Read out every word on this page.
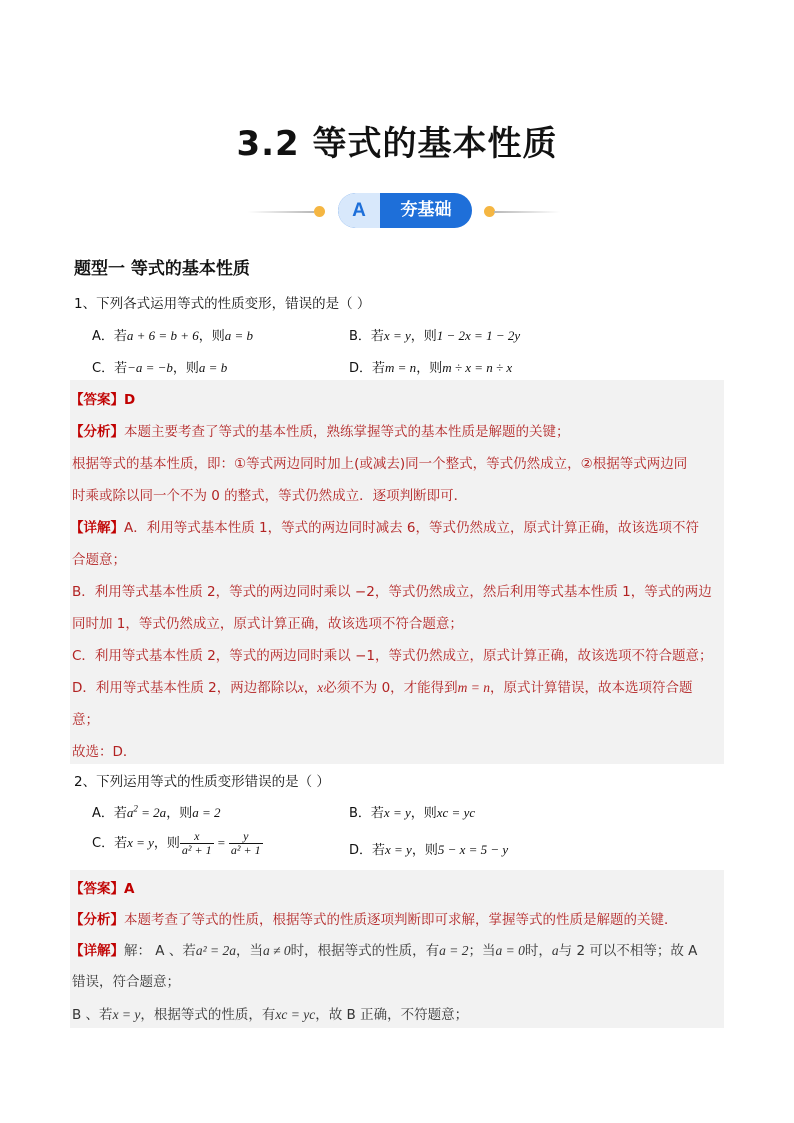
3.2 等式的基本性质
A	夯基础
题型一 等式的基本性质
1、下列各式运用等式的性质变形，错误的是（ ）
A．若a + 6 = b + 6，则a = b	B．若x = y，则1 − 2x = 1 − 2y
C．若−a = −b，则a = b	D．若m = n，则m ÷ x = n ÷ x
【答案】D
【分析】本题主要考查了等式的基本性质，熟练掌握等式的基本性质是解题的关键；
根据等式的基本性质，即：①等式两边同时加上(或减去)同一个整式，等式仍然成立，②根据等式两边同
时乘或除以同一个不为 0 的整式，等式仍然成立．逐项判断即可．
【详解】A．利用等式基本性质 1，等式的两边同时减去 6，等式仍然成立，原式计算正确，故该选项不符
合题意；
B．利用等式基本性质 2，等式的两边同时乘以 −2，等式仍然成立，然后利用等式基本性质 1，等式的两边
同时加 1，等式仍然成立，原式计算正确，故该选项不符合题意；
C．利用等式基本性质 2，等式的两边同时乘以 −1，等式仍然成立，原式计算正确，故该选项不符合题意；
D．利用等式基本性质 2，两边都除以x，x必须不为 0，才能得到m = n，原式计算错误，故本选项符合题
意；
故选：D．
2、下列运用等式的性质变形错误的是（ ）
A．若$a^2 = 2a$，则a = 2	B．若x = y，则xc = yc
C．若x = y，则 $\frac{x}{\text{a² + 1}} = \frac{y}{\text{a² + 1}}$	D．若x = y，则5 − x = 5 − y
【答案】A
【分析】本题考查了等式的性质，根据等式的性质逐项判断即可求解，掌握等式的性质是解题的关键．
【详解】解： A 、若a² = 2a，当a ≠ 0时，根据等式的性质，有a = 2；当a = 0时，a与 2 可以不相等；故 A
错误，符合题意；
B 、若x = y，根据等式的性质，有xc = yc，故 B 正确，不符题意；
